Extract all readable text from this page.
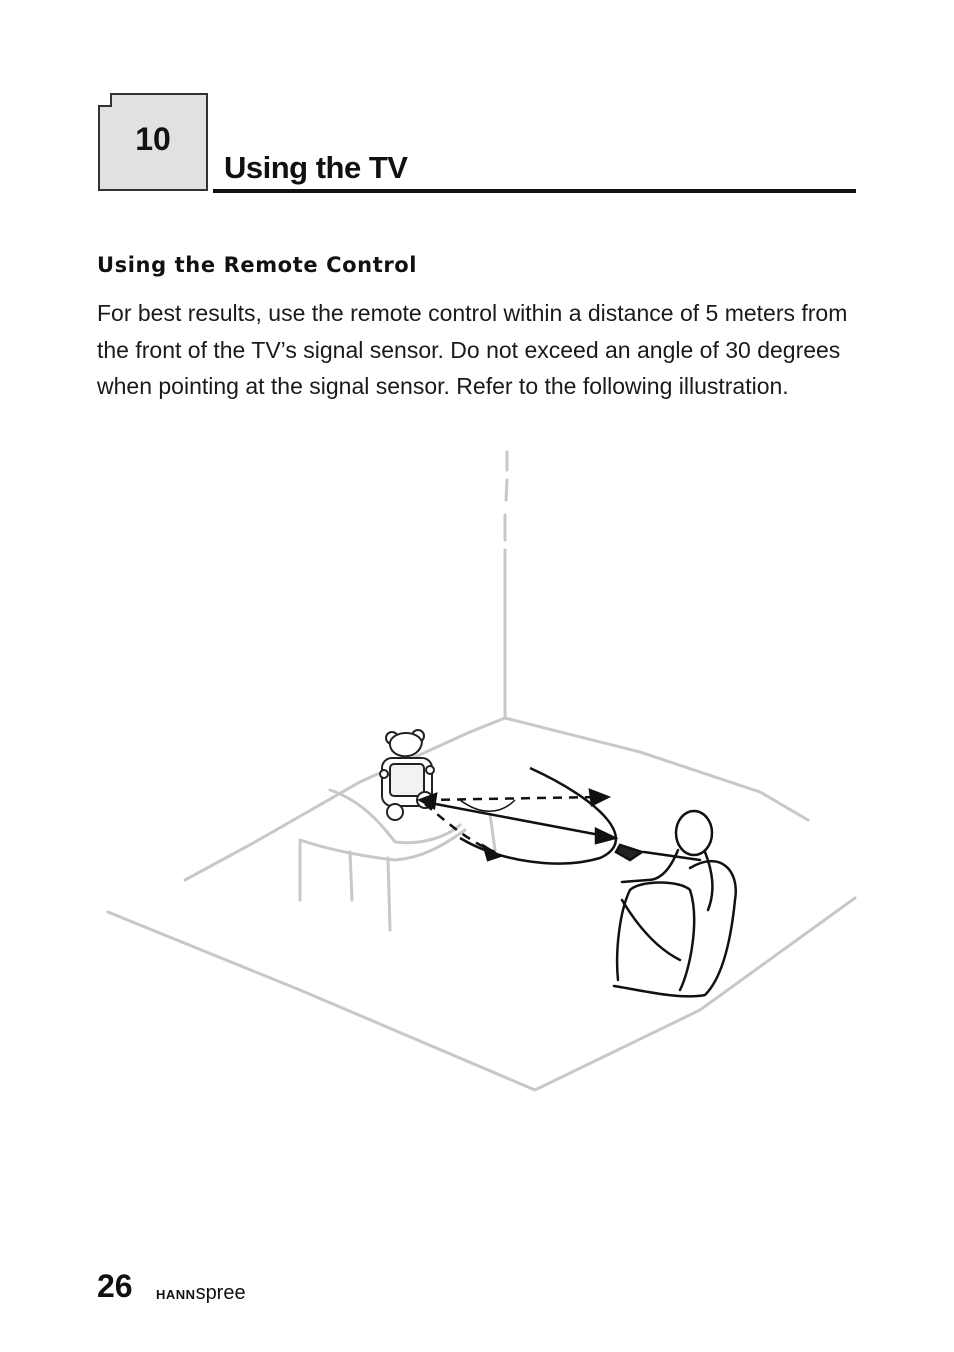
10
Using the TV
Using the Remote Control

For best results, use the remote control within a distance of 5 meters from the front of the TV’s signal sensor. Do not exceed an angle of 30 degrees when pointing at the signal sensor. Refer to the following illustration.

26 HANNspree
